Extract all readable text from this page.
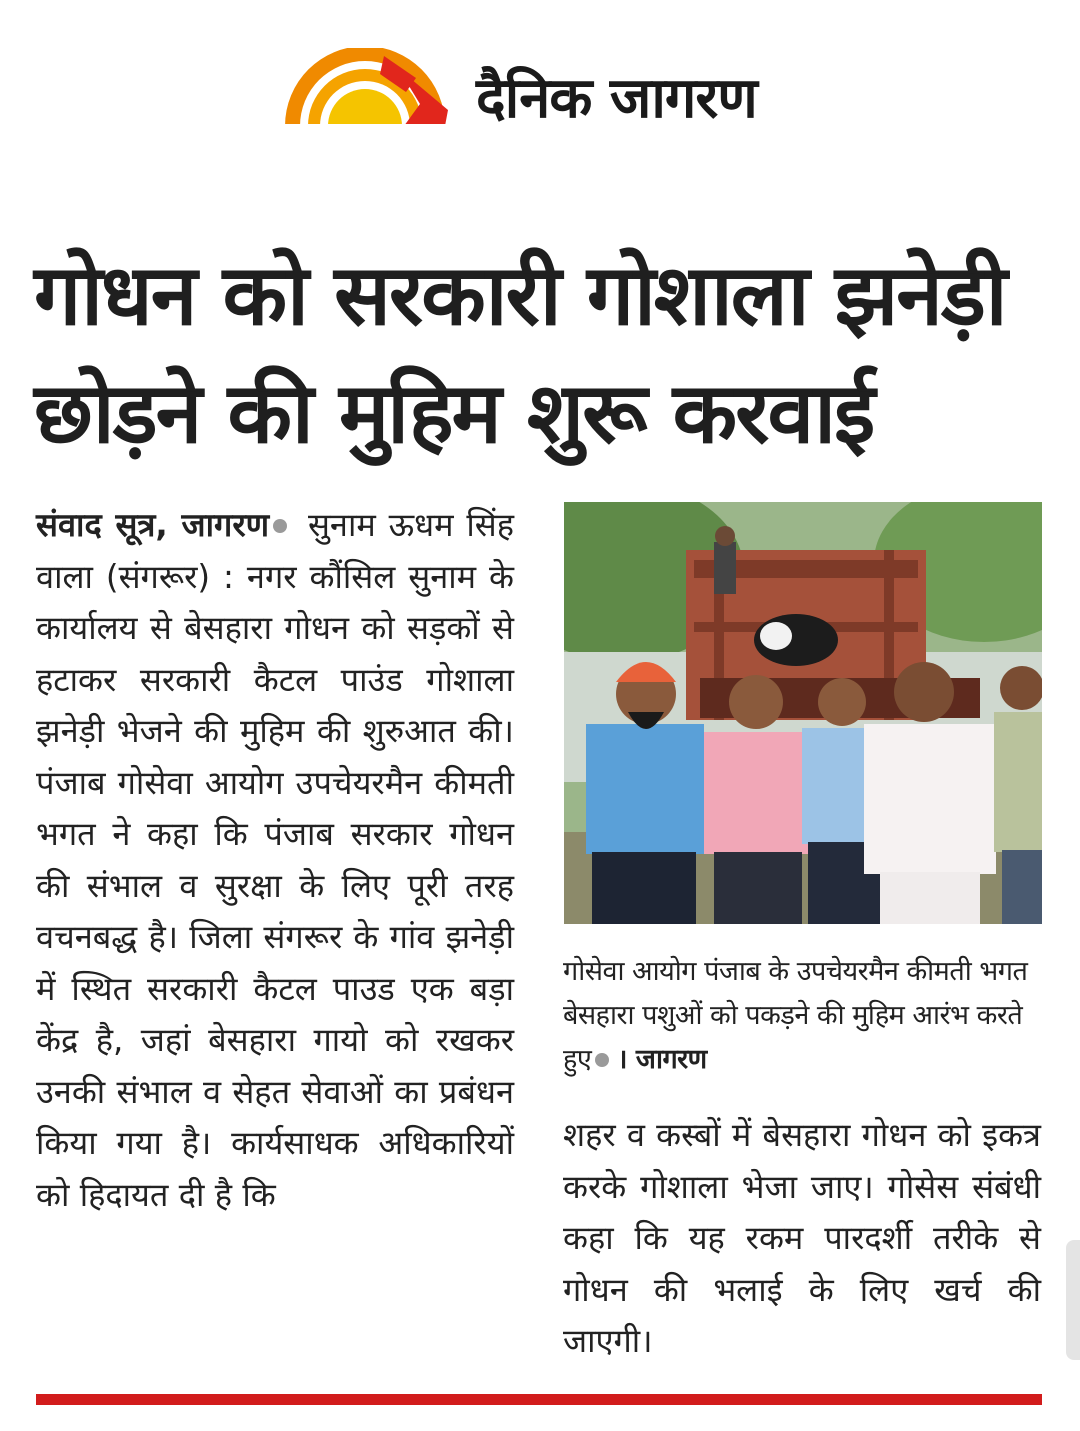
दैनिक जागरण
गोधन को सरकारी गोशाला झनेड़ी
छोड़ने की मुहिम शुरू करवाई
संवाद सूत्र, जागरण सुनाम ऊधम सिंह वाला (संगरूर) : नगर कौंसिल सुनाम के कार्यालय से बेसहारा गोधन को सड़कों से हटाकर सरकारी कैटल पाउंड गोशाला झनेड़ी भेजने की मुहिम की शुरुआत की। पंजाब गोसेवा आयोग उपचेयरमैन कीमती भगत ने कहा कि पंजाब सरकार गोधन की संभाल व सुरक्षा के लिए पूरी तरह वचनबद्ध है। जिला संगरूर के गांव झनेड़ी में स्थित सरकारी कैटल पाउड एक बड़ा केंद्र है, जहां बेसहारा गायो को रखकर उनकी संभाल व सेहत सेवाओं का प्रबंधन किया गया है। कार्यसाधक अधिकारियों को हिदायत दी है कि
गोसेवा आयोग पंजाब के उपचेयरमैन कीमती भगत बेसहारा पशुओं को पकड़ने की मुहिम आरंभ करते हुए । जागरण
शहर व कस्बों में बेसहारा गोधन को इकत्र करके गोशाला भेजा जाए। गोसेस संबंधी कहा कि यह रकम पारदर्शी तरीके से गोधन की भलाई के लिए खर्च की जाएगी।
